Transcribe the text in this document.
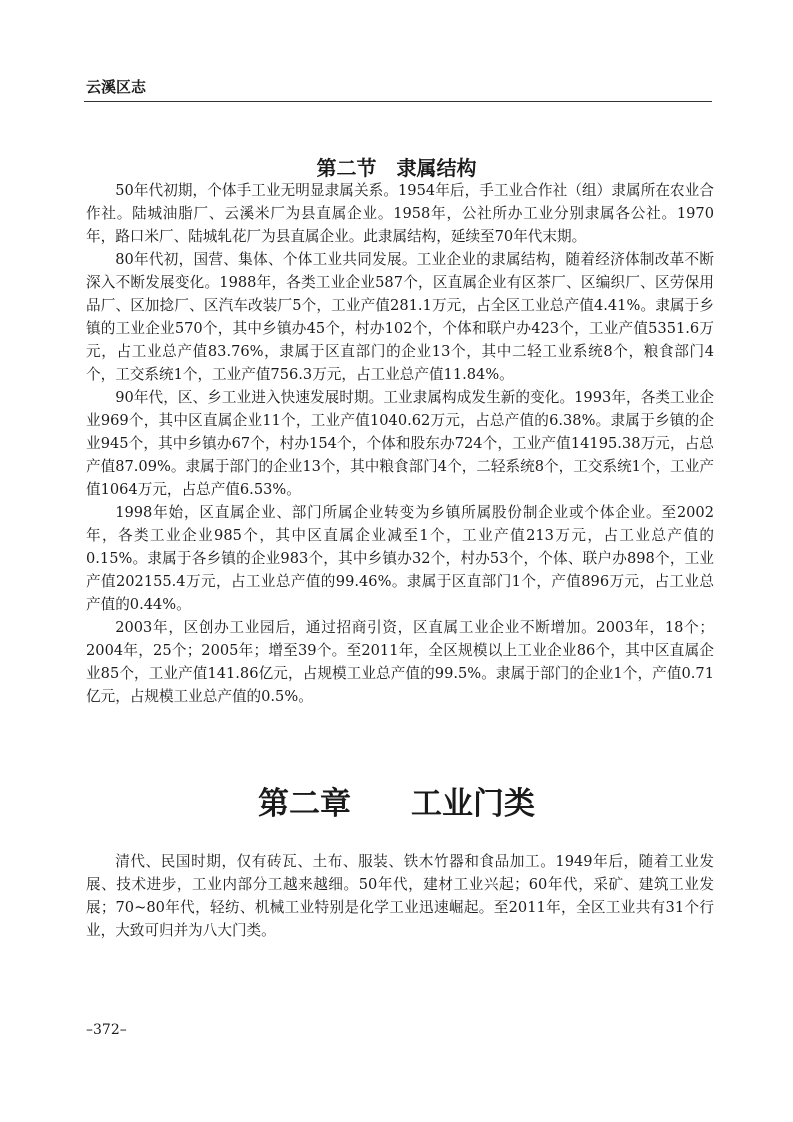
云溪区志
第二节 隶属结构

50年代初期，个体手工业无明显隶属关系。1954年后，手工业合作社（组）隶属所在农业合作社。陆城油脂厂、云溪米厂为县直属企业。1958年，公社所办工业分别隶属各公社。1970年，路口米厂、陆城轧花厂为县直属企业。此隶属结构，延续至70年代末期。

80年代初，国营、集体、个体工业共同发展。工业企业的隶属结构，随着经济体制改革不断深入不断发展变化。1988年，各类工业企业587个，区直属企业有区茶厂、区编织厂、区劳保用品厂、区加捻厂、区汽车改装厂5个，工业产值281.1万元，占全区工业总产值4.41%。隶属于乡镇的工业企业570个，其中乡镇办45个，村办102个，个体和联户办423个，工业产值5351.6万元，占工业总产值83.76%，隶属于区直部门的企业13个，其中二轻工业系统8个，粮食部门4个，工交系统1个，工业产值756.3万元，占工业总产值11.84%。

90年代，区、乡工业进入快速发展时期。工业隶属构成发生新的变化。1993年，各类工业企业969个，其中区直属企业11个，工业产值1040.62万元，占总产值的6.38%。隶属于乡镇的企业945个，其中乡镇办67个，村办154个，个体和股东办724个，工业产值14195.38万元，占总产值87.09%。隶属于部门的企业13个，其中粮食部门4个，二轻系统8个，工交系统1个，工业产值1064万元，占总产值6.53%。

1998年始，区直属企业、部门所属企业转变为乡镇所属股份制企业或个体企业。至2002年，各类工业企业985个，其中区直属企业减至1个，工业产值213万元，占工业总产值的0.15%。隶属于各乡镇的企业983个，其中乡镇办32个，村办53个，个体、联户办898个，工业产值202155.4万元，占工业总产值的99.46%。隶属于区直部门1个，产值896万元，占工业总产值的0.44%。

2003年，区创办工业园后，通过招商引资，区直属工业企业不断增加。2003年，18个；2004年，25个；2005年；增至39个。至2011年，全区规模以上工业企业86个，其中区直属企业85个，工业产值141.86亿元，占规模工业总产值的99.5%。隶属于部门的企业1个，产值0.71亿元，占规模工业总产值的0.5%。

第二章 工业门类

清代、民国时期，仅有砖瓦、土布、服装、铁木竹器和食品加工。1949年后，随着工业发展、技术进步，工业内部分工越来越细。50年代，建材工业兴起；60年代，采矿、建筑工业发展；70~80年代，轻纺、机械工业特别是化学工业迅速崛起。至2011年，全区工业共有31个行业，大致可归并为八大门类。

–372–
